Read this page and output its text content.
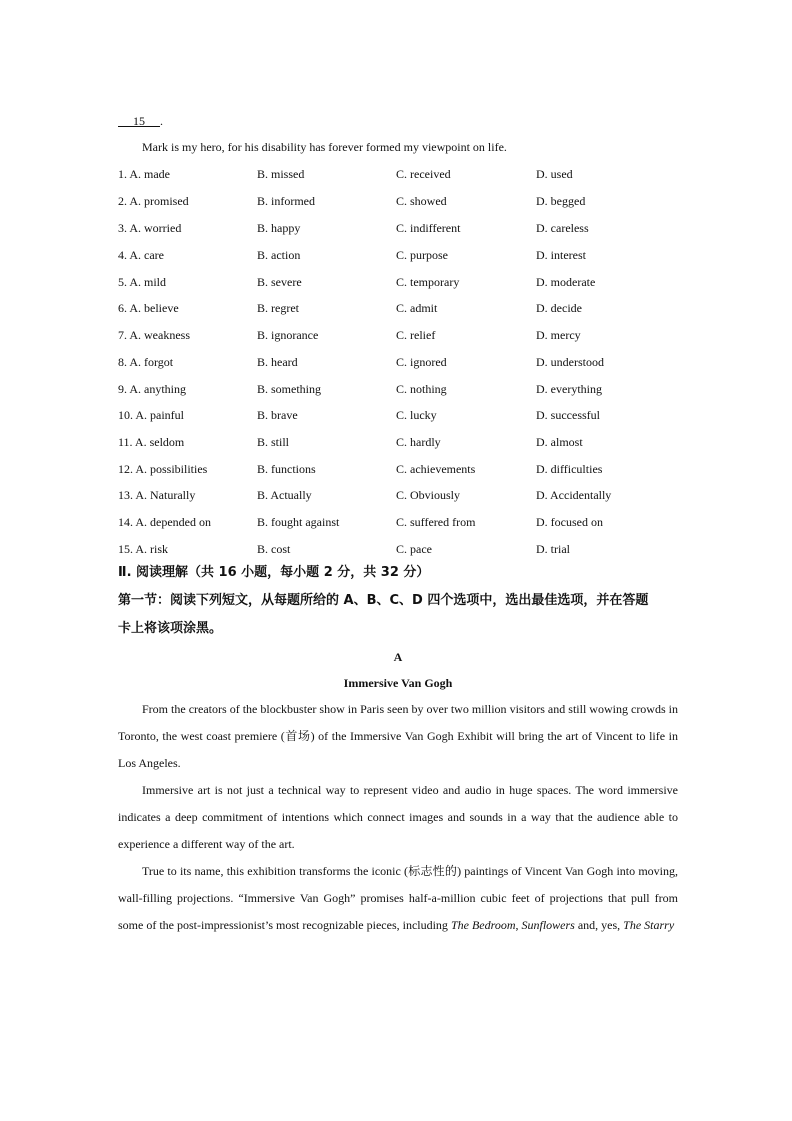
15 .
Mark is my hero, for his disability has forever formed my viewpoint on life.
1. A. made	B. missed	C. received	D. used
2. A. promised	B. informed	C. showed	D. begged
3. A. worried	B. happy	C. indifferent	D. careless
4. A. care	B. action	C. purpose	D. interest
5. A. mild	B. severe	C. temporary	D. moderate
6. A. believe	B. regret	C. admit	D. decide
7. A. weakness	B. ignorance	C. relief	D. mercy
8. A. forgot	B. heard	C. ignored	D. understood
9. A. anything	B. something	C. nothing	D. everything
10. A. painful	B. brave	C. lucky	D. successful
11. A. seldom	B. still	C. hardly	D. almost
12. A. possibilities	B. functions	C. achievements	D. difficulties
13. A. Naturally	B. Actually	C. Obviously	D. Accidentally
14. A. depended on	B. fought against	C. suffered from	D. focused on
15. A. risk	B. cost	C. pace	D. trial
Ⅱ. 阅读理解（共 16 小题，每小题 2 分，共 32 分）
第一节：阅读下列短文，从每题所给的 A、B、C、D 四个选项中，选出最佳选项，并在答题
卡上将该项涂黑。
A
Immersive Van Gogh

From the creators of the blockbuster show in Paris seen by over two million visitors and still wowing crowds in Toronto, the west coast premiere (首场) of the Immersive Van Gogh Exhibit will bring the art of Vincent to life in Los Angeles.

Immersive art is not just a technical way to represent video and audio in huge spaces. The word immersive indicates a deep commitment of intentions which connect images and sounds in a way that the audience able to experience a different way of the art.

True to its name, this exhibition transforms the iconic (标志性的) paintings of Vincent Van Gogh into moving, wall-filling projections. “Immersive Van Gogh” promises half-a-million cubic feet of projections that pull from some of the post-impressionist’s most recognizable pieces, including The Bedroom, Sunflowers and, yes, The Starry
